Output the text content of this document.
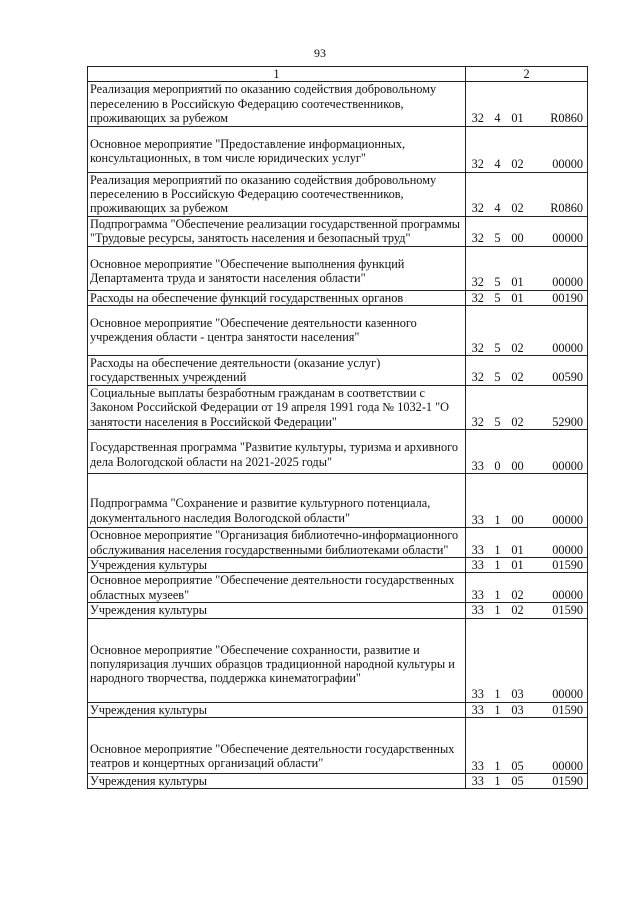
93
1	2			
Реализация мероприятий по оказанию содействия добровольному переселению в Российскую Федерацию соотечественников, проживающих за рубежом	32	4	01	R0860

Основное мероприятие "Предоставление информационных, консультационных, в том числе юридических услуг"	32	4	02	00000
Реализация мероприятий по оказанию содействия добровольному переселению в Российскую Федерацию соотечественников, проживающих за рубежом	32	4	02	R0860
Подпрограмма "Обеспечение реализации государственной программы "Трудовые ресурсы, занятость населения и безопасный труд"	32	5	00	00000

Основное мероприятие "Обеспечение выполнения функций Департамента труда и занятости населения области"	32	5	01	00000
Расходы на обеспечение функций государственных органов	32	5	01	00190

Основное мероприятие "Обеспечение деятельности казенного учреждения области - центра занятости населения"	32	5	02	00000
Расходы на обеспечение деятельности (оказание услуг) государственных учреждений	32	5	02	00590
Социальные выплаты безработным гражданам в соответствии с Законом Российской Федерации от 19 апреля 1991 года № 1032-1 "О занятости населения в Российской Федерации"	32	5	02	52900

Государственная программа "Развитие культуры, туризма и архивного дела Вологодской области на 2021-2025 годы"	33	0	00	00000

Подпрограмма "Сохранение и развитие культурного потенциала, документального наследия Вологодской области"	33	1	00	00000
Основное мероприятие "Организация библиотечно-информационного обслуживания населения государственными библиотеками области"	33	1	01	00000
Учреждения культуры	33	1	01	01590
Основное мероприятие "Обеспечение деятельности государственных областных музеев"	33	1	02	00000
Учреждения культуры	33	1	02	01590

Основное мероприятие "Обеспечение сохранности, развитие и популяризация лучших образцов традиционной народной культуры и народного творчества, поддержка кинематографии"	33	1	03	00000
Учреждения культуры	33	1	03	01590

Основное мероприятие "Обеспечение деятельности государственных театров и концертных организаций области"	33	1	05	00000
Учреждения культуры	33	1	05	01590
